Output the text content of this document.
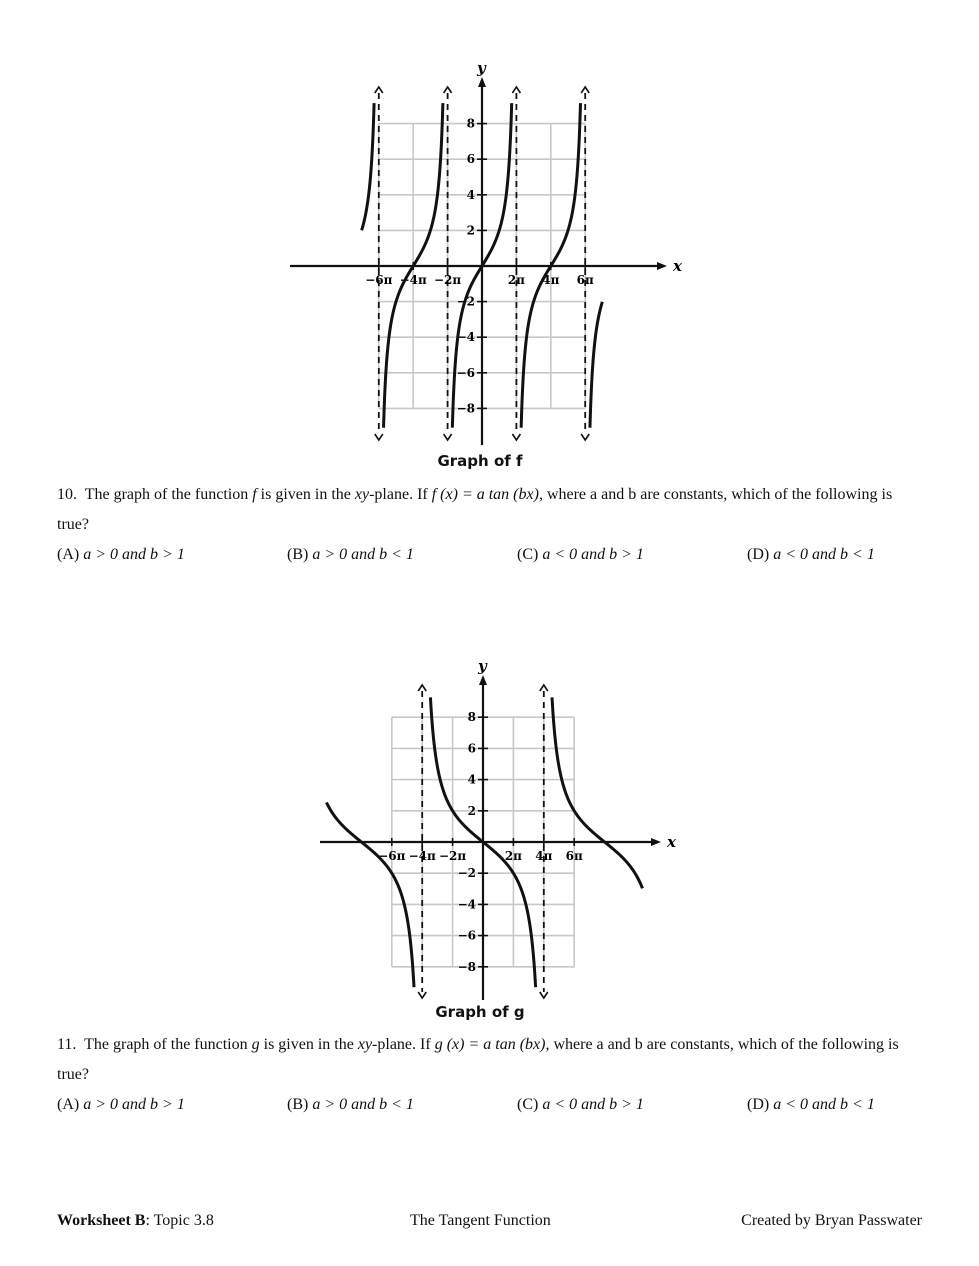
x
y
−6π −4π −2π	2π 4π 6π
8
6
4
2
−2
−4
−6
−8
Graph of f
10. The graph of the function f is given in the xy-plane. If f (x) = a tan (bx), where a and b are constants, which of the following is true?
(A) a > 0 and b > 1	(B) a > 0 and b < 1	(C) a < 0 and b > 1	(D) a < 0 and b < 1
x
y
−6π −4π −2π	2π 4π 6π
8
6
4
2
−2
−4
−6
−8
Graph of g
11. The graph of the function g is given in the xy-plane. If g (x) = a tan (bx), where a and b are constants, which of the following is true?
(A) a > 0 and b > 1	(B) a > 0 and b < 1	(C) a < 0 and b > 1	(D) a < 0 and b < 1
Worksheet B: Topic 3.8	The Tangent Function	Created by Bryan Passwater
